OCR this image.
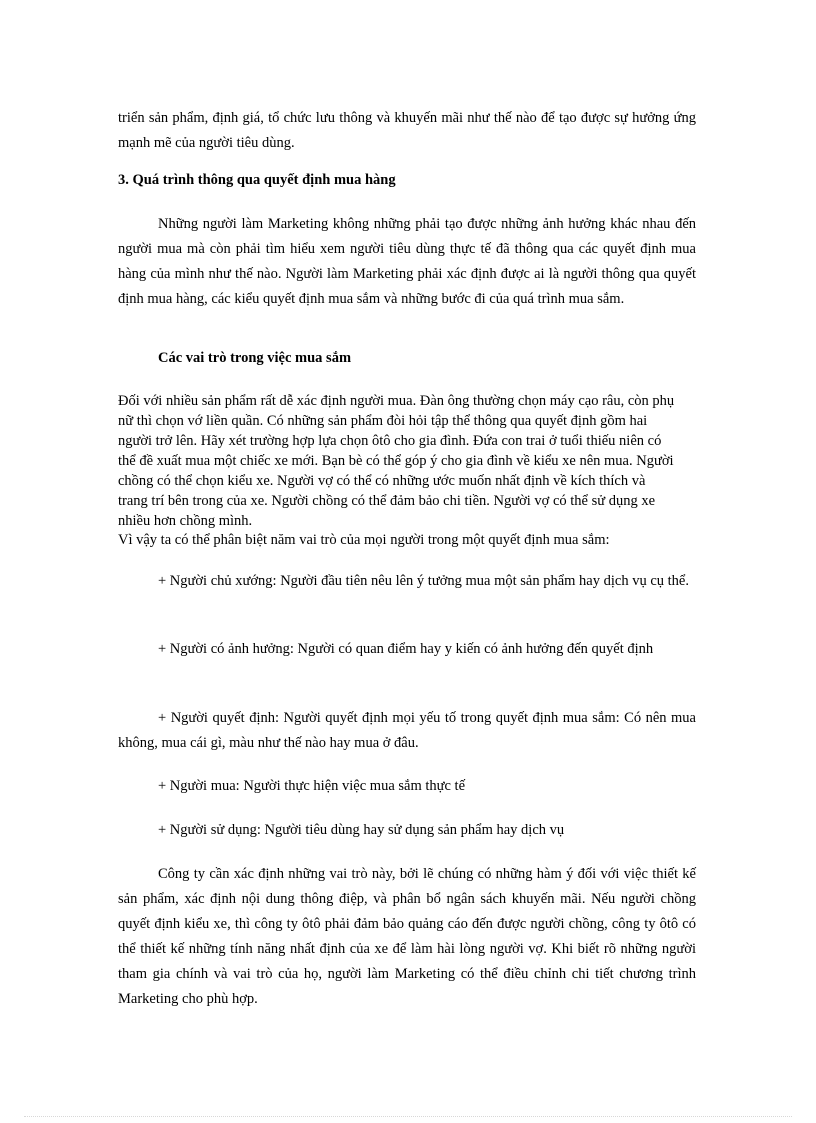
triển sản phẩm, định giá, tổ chức lưu thông và khuyến mãi như thế nào để tạo được sự hưởng ứng mạnh mẽ của người tiêu dùng.

3. Quá trình thông qua quyết định mua hàng

Những người làm Marketing không những phải tạo được những ảnh hưởng khác nhau đến người mua mà còn phải tìm hiểu xem người tiêu dùng thực tế đã thông qua các quyết định mua hàng của mình như thế nào. Người làm Marketing phải xác định được ai là người thông qua quyết định mua hàng, các kiểu quyết định mua sắm và những bước đi của quá trình mua sắm.

Các vai trò trong việc mua sắm

Đối với nhiều sản phẩm rất dễ xác định người mua. Đàn ông thường chọn máy cạo râu, còn phụ nữ thì chọn vớ liền quần. Có những sản phẩm đòi hỏi tập thể thông qua quyết định gồm hai người trở lên. Hãy xét trường hợp lựa chọn ôtô cho gia đình. Đứa con trai ở tuổi thiếu niên có thể đề xuất mua một chiếc xe mới. Bạn bè có thể góp ý cho gia đình về kiểu xe nên mua. Người chồng có thể chọn kiểu xe. Người vợ có thể có những ước muốn nhất định về kích thích và trang trí bên trong của xe. Người chồng có thể đảm bảo chi tiền. Người vợ có thể sử dụng xe nhiều hơn chồng mình.

Vì vậy ta có thể phân biệt năm vai trò của mọi người trong một quyết định mua sắm:

+ Người chủ xướng: Người đầu tiên nêu lên ý tưởng mua một sản phẩm hay dịch vụ cụ thể.

+ Người có ảnh hưởng: Người có quan điểm hay y kiến có ảnh hưởng đến quyết định

+ Người quyết định: Người quyết định mọi yếu tố trong quyết định mua sắm: Có nên mua không, mua cái gì, màu như thế nào hay mua ở đâu.

+ Người mua: Người thực hiện việc mua sắm thực tế

+ Người sử dụng: Người tiêu dùng hay sử dụng sản phẩm hay dịch vụ

Công ty cần xác định những vai trò này, bởi lẽ chúng có những hàm ý đối với việc thiết kế sản phẩm, xác định nội dung thông điệp, và phân bổ ngân sách khuyến mãi. Nếu người chồng quyết định kiểu xe, thì công ty ôtô phải đảm bảo quảng cáo đến được người chồng, công ty ôtô có thể thiết kế những tính năng nhất định của xe để làm hài lòng người vợ. Khi biết rõ những người tham gia chính và vai trò của họ, người làm Marketing có thể điều chỉnh chi tiết chương trình Marketing cho phù hợp.
